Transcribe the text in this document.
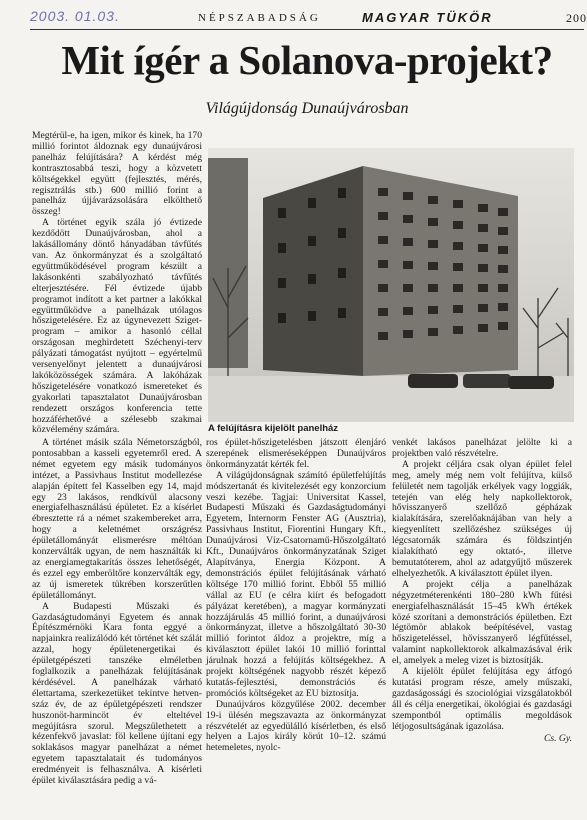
2003. 01.03.	NÉPSZABADSÁG	MAGYAR TÜKÖR	200
Mit ígér a Solanova-projekt?
Világújdonság Dunaújvárosban

Megtérül-e, ha igen, mikor és kinek, ha 170 millió forintot áldoznak egy dunaújvárosi panelház felújítására? A kérdést még kontrasztosabbá teszi, hogy a közvetett költségekkel együtt (fejlesztés, mérés, regisztrálás stb.) 600 millió forint a panelház újjávarázsolására elkölthető összeg!

A történet egyik szála jó évtizede kezdődött Dunaújvárosban, ahol a lakásállomány döntő hányadában távfűtés van. Az önkormányzat és a szolgáltató együttműködésével program készült a lakásonkénti szabályozható távfűtés elterjesztésére. Fél évtizede újabb programot indított a ket partner a lakókkal együttműködve a panelházak utólagos hőszigetelésére. Ez az úgynevezett Sziget-program – amikor a hasonló céllal országosan meghirdetett Széchenyi-terv pályázati támogatást nyújtott – egyértelmű versenyelőnyt jelentett a dunaújvárosi lakóközösségek számára. A lakóházak hőszigetelésére vonatkozó ismereteket és gyakorlati tapasztalatot Dunaújvárosban rendezett országos konferencia tette hozzáférhetővé a szélesebb szakmai közvélemény számára.	A felújításra kijelölt panelház

A történet másik szála Németországból, pontosabban a kasseli egyetemről ered. A német egyetem egy másik tudományos intézet, a Passivhaus Institut modellezése alapján épített fel Kasselben egy 14, majd egy 23 lakásos, rendkívül alacsony energiafelhasználású épületet. Ez a kísérlet ébresztette rá a német szakembereket arra, hogy a keletnémet országrész épületállományát elismerésre méltóan konzerválták ugyan, de nem használták ki az energiamegtakarítás összes lehetőségét, és ezzel egy emberöltőre konzerválták egy, az új ismeretek tükrében korszerűtlen épületállományt.

A Budapesti Műszaki és Gazdaságtudományi Egyetem és annak Építészmérnöki Kara fonta eggyé a napjainkra realizálódó két történet két szálát azzal, hogy épületenergetikai és épületgépészeti tanszéke elméletben foglalkozik a panelházak felújításának kérdésével. A panelházak várható élettartama, szerkezetüket tekintve hetven-száz év, de az épületgépészeti rendszer huszonöt-harmincöt év elteltével megújításra szorul. Megszülethetett a kézenfekvő javaslat: föl kellene újítani egy soklakásos magyar panelházat a német egyetem tapasztalatait és tudományos eredményeit is felhasználva. A kísérleti épület kiválasztására pedig a vá-

ros épület-hőszigetelésben játszott élenjáró szerepének elismeréseképpen Dunaújváros önkormányzatát kérték fel.

A világújdonságnak számító épületfelújítás módszertanát és kivitelezését egy konzorcium veszi kezébe. Tagjai: Universitat Kassel, Budapesti Műszaki és Gazdaságtudományi Egyetem, Internorm Fenster AG (Ausztria), Passivhaus Institut, Fiorentini Hungary Kft., Dunaújvárosi Víz-Csatornamű-Hőszolgáltató Kft., Dunaújváros önkormányzatának Sziget Alapítványa, Energia Központ. A demonstrációs épület felújításának várható költsége 170 millió forint. Ebből 55 millió vállal az EU (e célra kiírt és befogadott pályázat keretében), a magyar kormányzati hozzájárulás 45 millió forint, a dunaújvárosi önkormányzat, illetve a hőszolgáltató 30-30 millió forintot áldoz a projektre, míg a kiválasztott épület lakói 10 millió forinttal járulnak hozzá a felújítás költségekhez. A projekt költségének nagyobb részét képező kutatás-fejlesztési, demonstrációs és promóciós költségeket az EU biztosítja.

Dunaújváros közgyűlése 2002. december 19-i ülésén megszavazta az önkormányzat részvételét az egyedülálló kísérletben, és első helyen a Lajos király körút 10–12. számú hetemeletes, nyolc-

venkét lakásos panelházat jelölte ki a projektben való részvételre.

A projekt céljára csak olyan épület felel meg, amely még nem volt felújítva, külső felületét nem tagolják erkélyek vagy loggiák, tetején van elég hely napkollektorok, hővisszanyerő szellőző gépházak kialakítására, szerelőaknájában van hely a kiegyenlített szellőzéshez szükséges új légcsatornák számára és földszintjén kialakítható egy oktató-, illetve bemutatóterem, ahol az adatgyűjtő műszerek elhelyezhetők. A kiválasztott épület ilyen.

A projekt célja a panelházak négyzetméterenkénti 180–280 kWh fűtési energiafelhasználását 15–45 kWh értékek közé szorítani a demonstrációs épületben. Ezt légtömör ablakok beépítésével, vastag hőszigeteléssel, hővisszanyerő légfűtéssel, valamint napkollektorok alkalmazásával érik el, amelyek a meleg vizet is biztosítják.

A kijelölt épület felújítása egy átfogó kutatási program része, amely műszaki, gazdaságossági és szociológiai vizsgálatokból áll és célja energetikai, ökológiai és gazdasági szempontból optimális megoldások létjogosultságának igazolása.

Cs. Gy.
